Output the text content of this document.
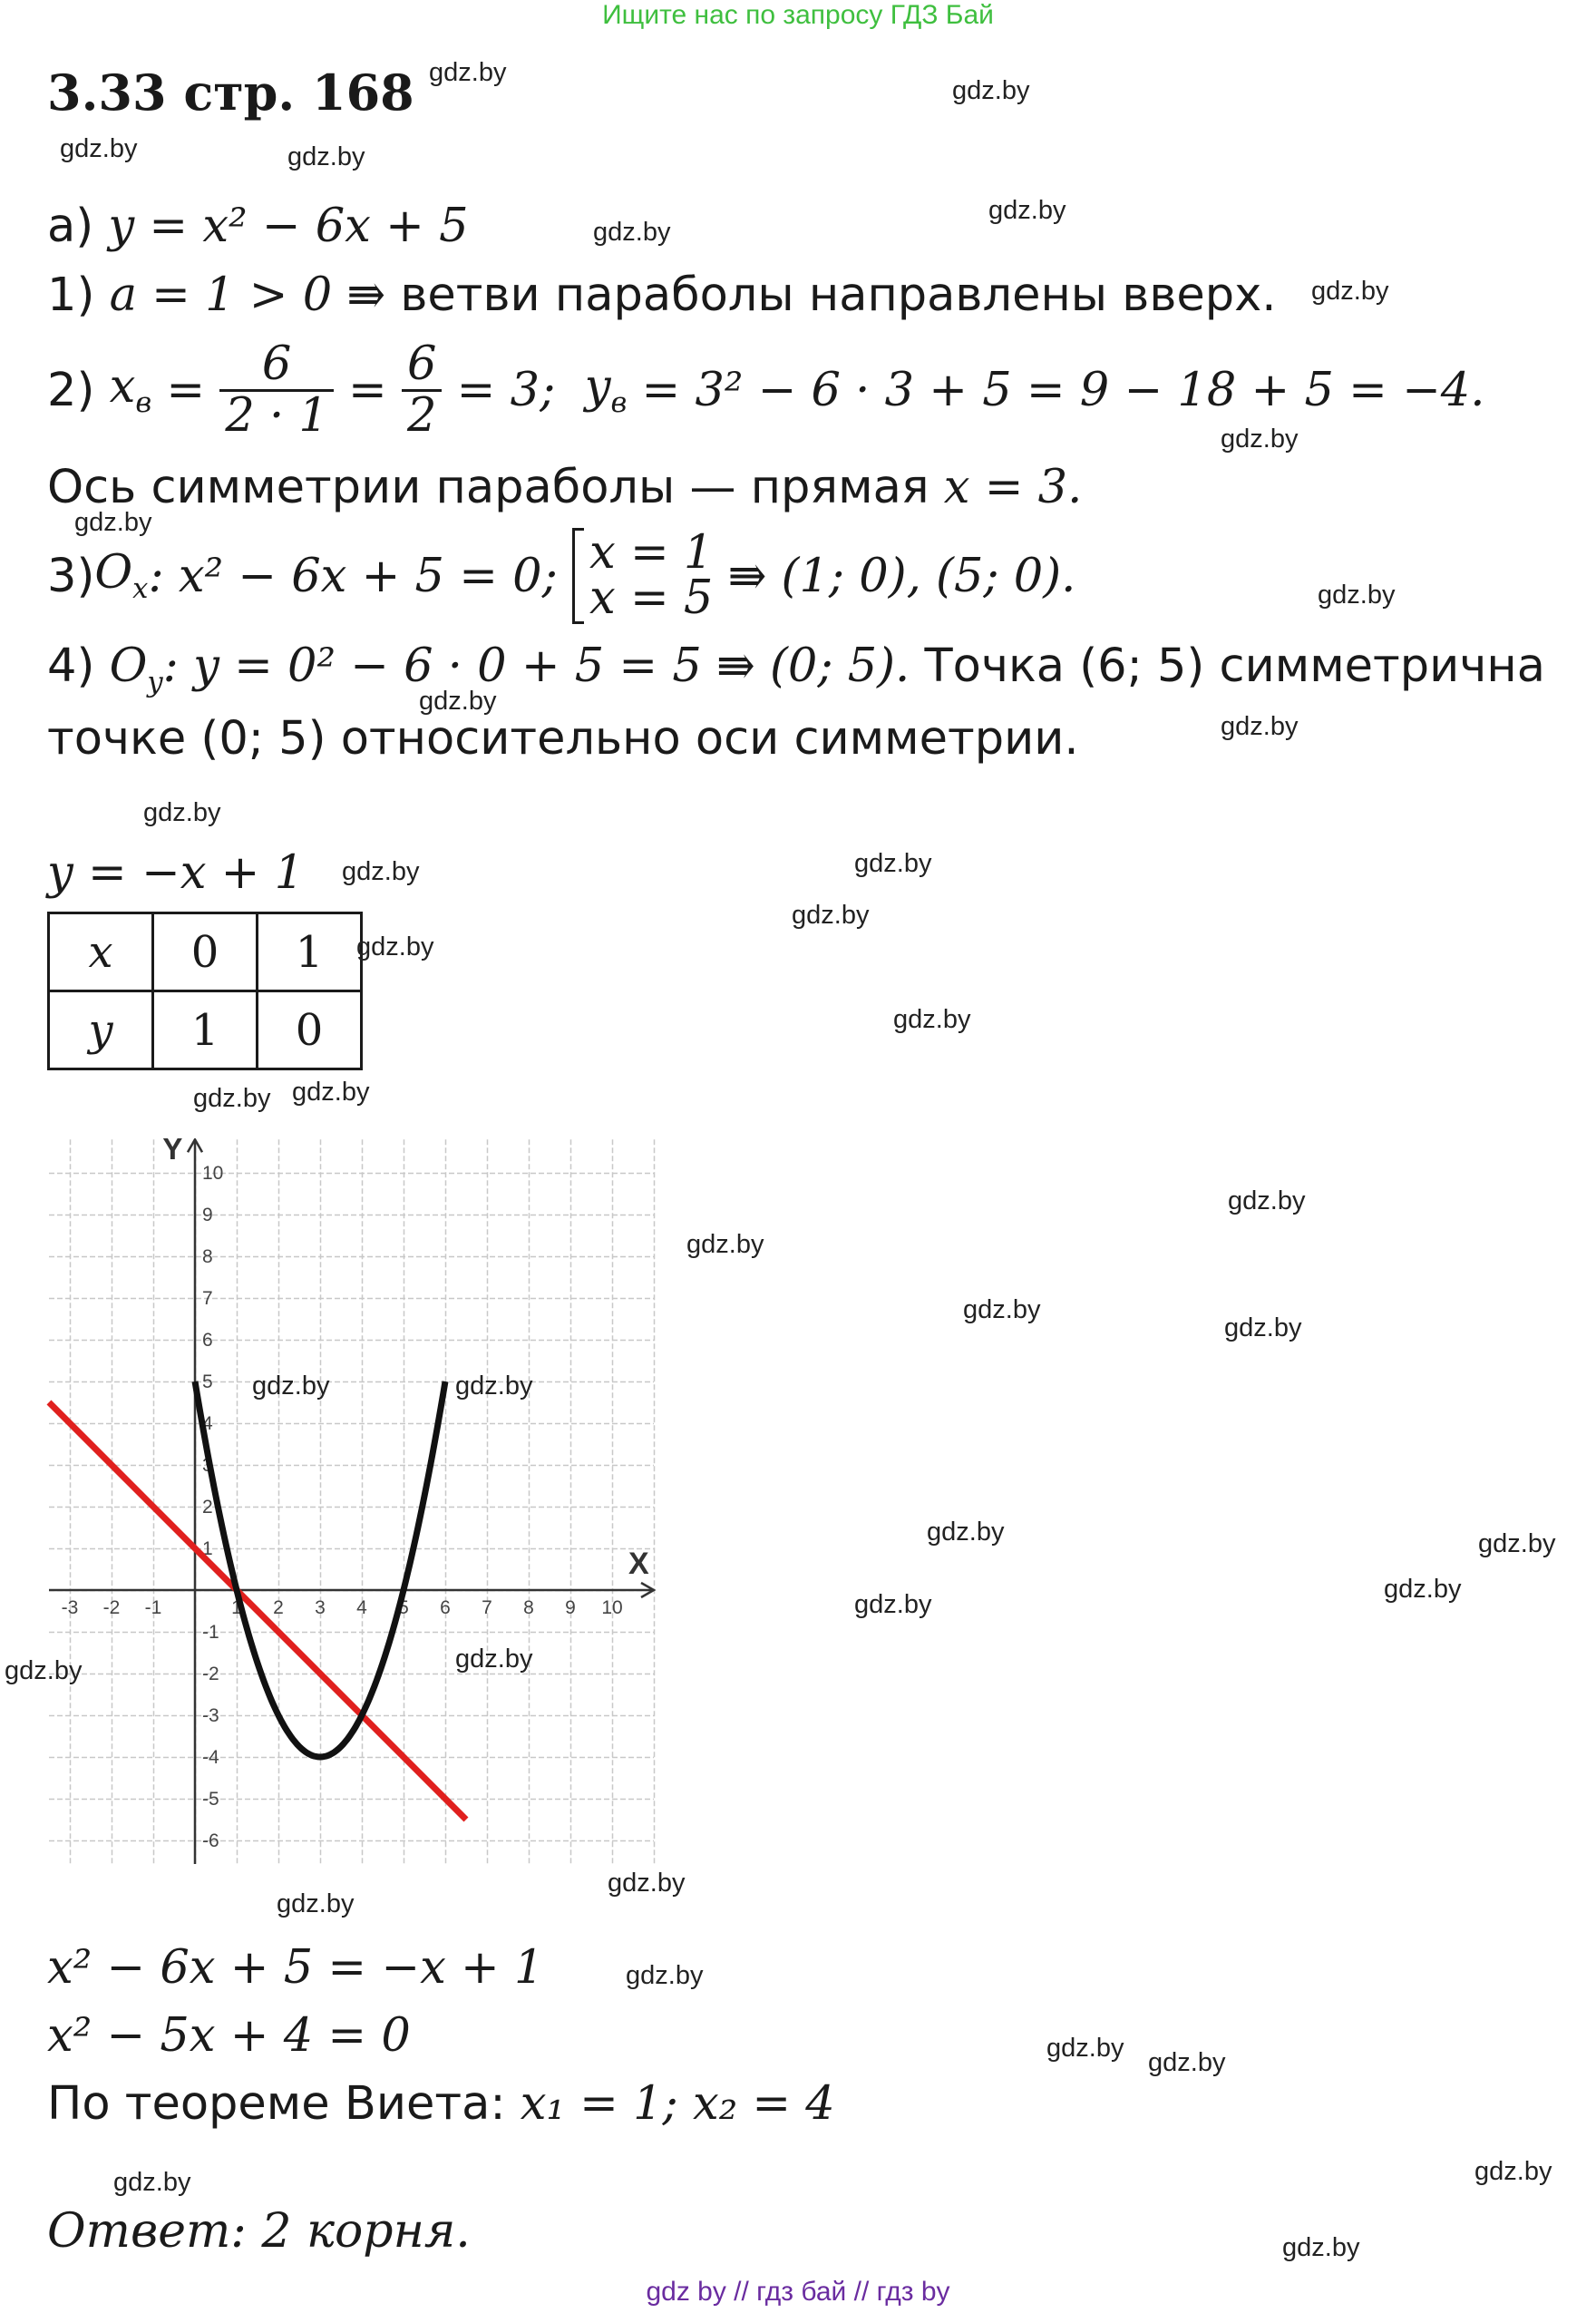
Ищите нас по запросу ГДЗ Бай
3.33 стр. 168
а) y = x² − 6x + 5
1) a = 1 > 0 ⇛ ветви параболы направлены вверх.
2)
$x_в = \frac{6}{2 \cdot 1} = \frac{6}{2}$
= 3;
$y_в$
= 3² − 6 · 3 + 5 = 9 − 18 + 5 = −4.
Ось симметрии параболы — прямая x = 3.
3) $O_x$ : x² − 6x + 5 = 0;
x = 1
x = 5
⇛ (1; 0), (5; 0).
4) $O_y$: y = 0² − 6 · 0 + 5 = 5 ⇛ (0; 5). Точка (6; 5) симметрична
точке (0; 5) относительно оси симметрии.
y = −x + 1
x	0	1
y	1	0
-3 -2 -1	1 2 3 4 5 6 7 8 9 10
10
9
8
7
6
5
4
3
2
1
-1
-2
-3
-4
-5
-6
X
Y
x² − 6x + 5 = −x + 1
x² − 5x + 4 = 0
По теореме Виета: x₁ = 1; x₂ = 4
Ответ: 2 корня.
gdz by // гдз бай // гдз by
gdz.by
gdz.by
gdz.by	gdz.by
gdz.by
gdz.by
gdz.by
gdz.by
gdz.by
gdz.by
gdz.by
gdz.by
gdz.by
gdz.by	gdz.by
gdz.by
gdz.by
gdz.by
gdz.by gdz.by
gdz.by
gdz.by
gdz.by
gdz.by
gdz.by	gdz.by
gdz.by	gdz.by
gdz.by
gdz.by
gdz.by	gdz.by
gdz.by
gdz.by
gdz.by
gdz.by gdz.by
gdz.by	gdz.by
gdz.by
